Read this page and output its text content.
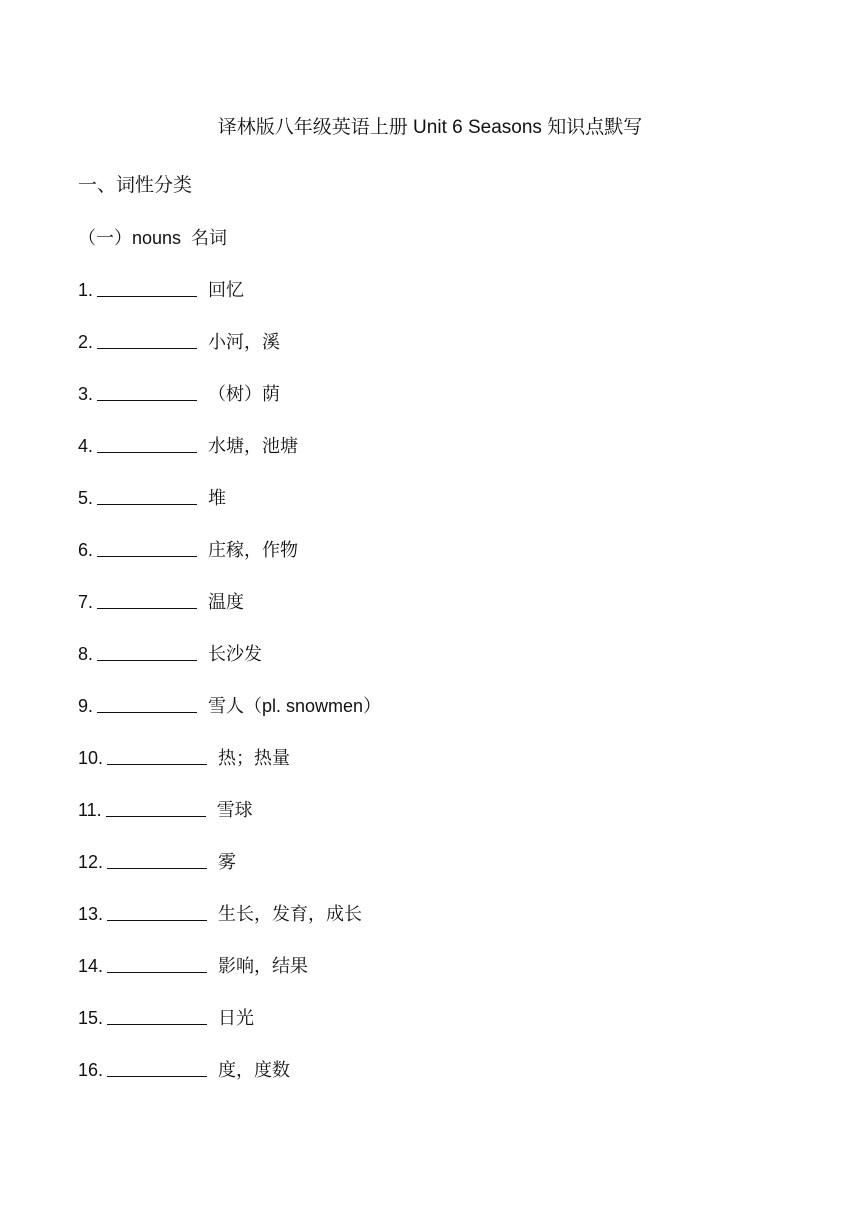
译林版八年级英语上册 Unit 6 Seasons 知识点默写
一、词性分类
（一）nouns  名词
1.	回忆
2.	小河，溪
3.	（树）荫
4.	水塘，池塘
5.	堆
6.	庄稼，作物
7.	温度
8.	长沙发
9.	雪人（pl. snowmen）
10.	热；热量
11.	雪球
12.	雾
13.	生长，发育，成长
14.	影响，结果
15.	日光
16.	度，度数
